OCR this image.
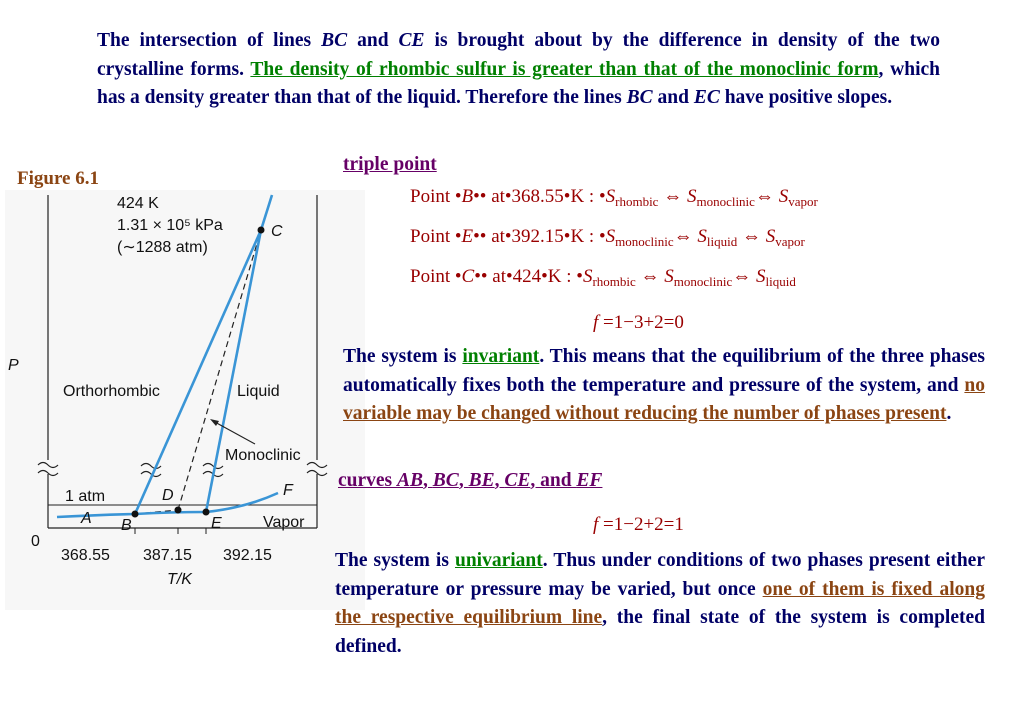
The intersection of lines BC and CE is brought about by the difference in density of the two crystalline forms. The density of rhombic sulfur is greater than that of the monoclinic form, which has a density greater than that of the liquid. Therefore the lines BC and EC have positive slopes.
Figure 6.1
424 K
1.31 × 10⁵ kPa
(∼1288 atm)
C
P
Orthorhombic	Liquid
Monoclinic
Vapor
1 atm	D	F
A B	E
0
368.55 387.15 392.15
T/K
triple point
Point •B•• at•368.55•K : $•S_{rhombic}$ ⇔ $S_{monoclinic}\Leftrightarrow$ $S_{vapor}$
Point •E•• at•392.15•K : $•S_{monoclinic}\Leftrightarrow$ $S_{liquid}$ ⇔ $S_{vapor}$
Point •C•• at•424•K : $•S_{rhombic}$ ⇔ $S_{monoclinic}\Leftrightarrow$ $S_{liquid}$
f =1−3+2=0
The system is invariant. This means that the equilibrium of the three phases automatically fixes both the temperature and pressure of the system, and no variable may be changed without reducing the number of phases present.
curves AB, BC, BE, CE, and EF
f =1−2+2=1
The system is univariant. Thus under conditions of two phases present either temperature or pressure may be varied, but once one of them is fixed along the respective equilibrium line, the final state of the system is completed defined.
